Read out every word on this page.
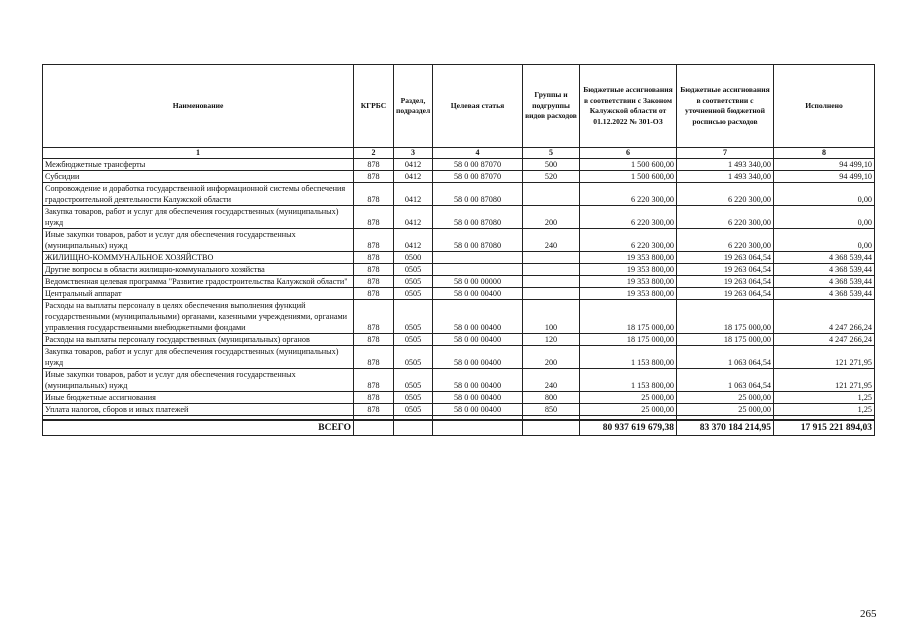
Наименование	КГРБС	Раздел, подраздел	Целевая статья	Группы и подгруппы видов расходов	Бюджетные ассигнования в соответствии с Законом Калужской области от 01.12.2022 № 301-ОЗ	Бюджетные ассигнования в соответствии с уточненной бюджетной росписью расходов	Исполнено
1	2	3	4	5	6	7	8
Межбюджетные трансферты	878	0412	58 0 00 87070	500	1 500 600,00	1 493 340,00	94 499,10
Субсидии	878	0412	58 0 00 87070	520	1 500 600,00	1 493 340,00	94 499,10
Сопровождение и доработка государственной информационной системы обеспечения градостроительной деятельности Калужской области	878	0412	58 0 00 87080		6 220 300,00	6 220 300,00	0,00
Закупка товаров, работ и услуг для обеспечения государственных (муниципальных) нужд	878	0412	58 0 00 87080	200	6 220 300,00	6 220 300,00	0,00
Иные закупки товаров, работ и услуг для обеспечения государственных (муниципальных) нужд	878	0412	58 0 00 87080	240	6 220 300,00	6 220 300,00	0,00
ЖИЛИЩНО-КОММУНАЛЬНОЕ ХОЗЯЙСТВО	878	0500			19 353 800,00	19 263 064,54	4 368 539,44
Другие вопросы в области жилищно-коммунального хозяйства	878	0505			19 353 800,00	19 263 064,54	4 368 539,44
Ведомственная целевая программа "Развитие градостроительства Калужской области"	878	0505	58 0 00 00000		19 353 800,00	19 263 064,54	4 368 539,44
Центральный аппарат	878	0505	58 0 00 00400		19 353 800,00	19 263 064,54	4 368 539,44
Расходы на выплаты персоналу в целях обеспечения выполнения функций государственными (муниципальными) органами, казенными учреждениями, органами управления государственными внебюджетными фондами	878	0505	58 0 00 00400	100	18 175 000,00	18 175 000,00	4 247 266,24
Расходы на выплаты персоналу государственных (муниципальных) органов	878	0505	58 0 00 00400	120	18 175 000,00	18 175 000,00	4 247 266,24
Закупка товаров, работ и услуг для обеспечения государственных (муниципальных) нужд	878	0505	58 0 00 00400	200	1 153 800,00	1 063 064,54	121 271,95
Иные закупки товаров, работ и услуг для обеспечения государственных (муниципальных) нужд	878	0505	58 0 00 00400	240	1 153 800,00	1 063 064,54	121 271,95
Иные бюджетные ассигнования	878	0505	58 0 00 00400	800	25 000,00	25 000,00	1,25
Уплата налогов, сборов и иных платежей	878	0505	58 0 00 00400	850	25 000,00	25 000,00	1,25

ВСЕГО					80 937 619 679,38	83 370 184 214,95	17 915 221 894,03
265
